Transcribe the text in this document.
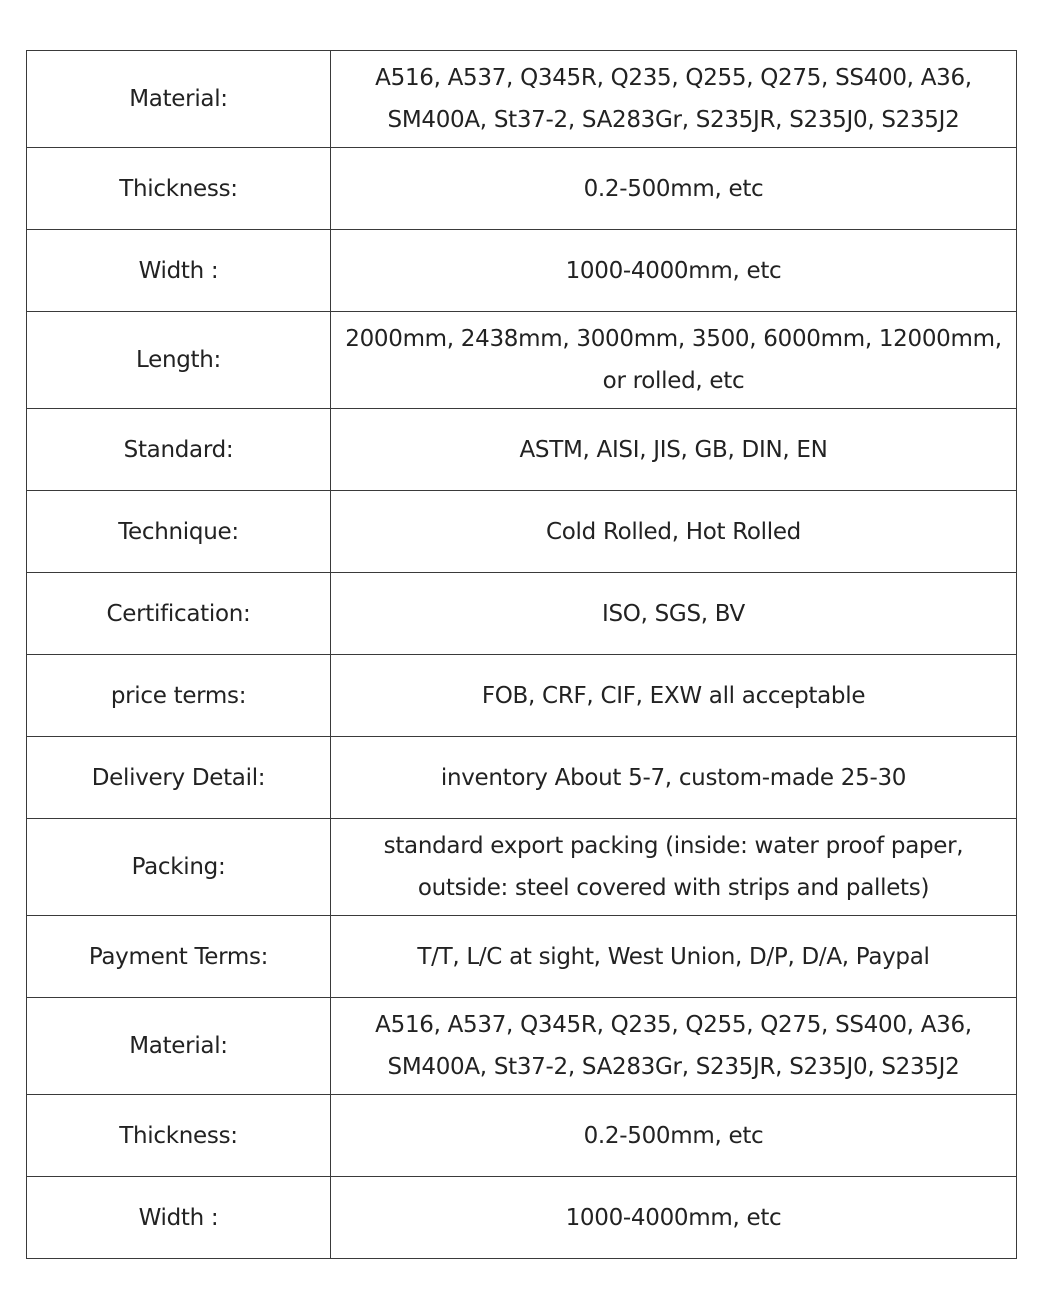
Material:	A516, A537, Q345R, Q235, Q255, Q275, SS400, A36,
SM400A, St37-2, SA283Gr, S235JR, S235J0, S235J2

Thickness:	0.2-500mm, etc

Width :	1000-4000mm, etc

Length:	2000mm, 2438mm, 3000mm, 3500, 6000mm, 12000mm,
or rolled, etc

Standard:	ASTM, AISI, JIS, GB, DIN, EN

Technique:	Cold Rolled, Hot Rolled

Certification:	ISO, SGS, BV

price terms:	FOB, CRF, CIF, EXW all acceptable

Delivery Detail:	inventory About 5-7, custom-made 25-30

Packing:	standard export packing (inside: water proof paper,
outside: steel covered with strips and pallets)

Payment Terms:	T/T, L/C at sight, West Union, D/P, D/A, Paypal

Material:	A516, A537, Q345R, Q235, Q255, Q275, SS400, A36,
SM400A, St37-2, SA283Gr, S235JR, S235J0, S235J2

Thickness:	0.2-500mm, etc

Width :	1000-4000mm, etc
